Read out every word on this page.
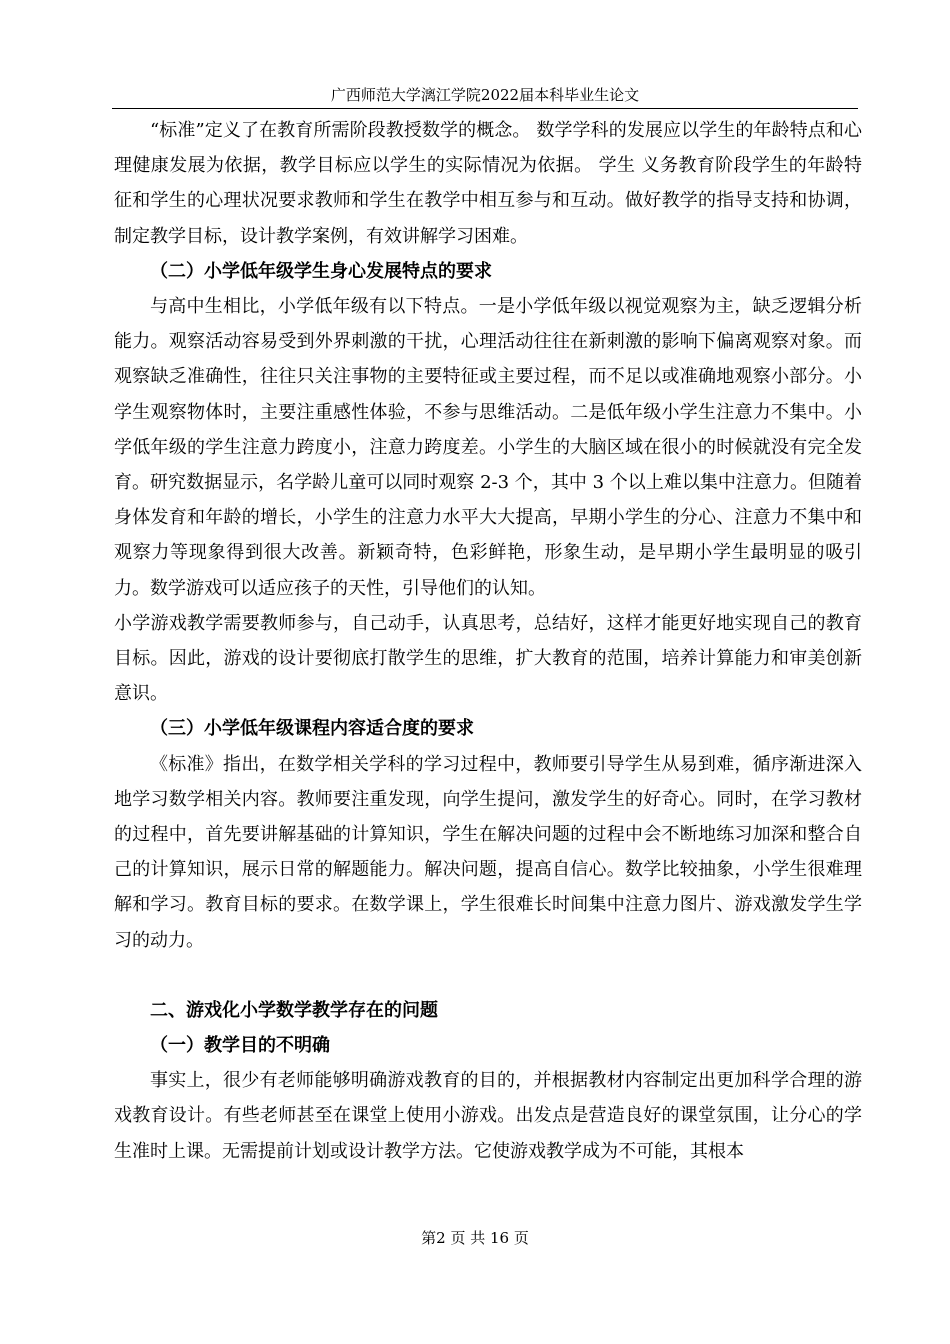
广西师范大学漓江学院2022届本科毕业生论文

“标准”定义了在教育所需阶段教授数学的概念。 数学学科的发展应以学生的年龄特点和心理健康发展为依据，教学目标应以学生的实际情况为依据。 学生 义务教育阶段学生的年龄特征和学生的心理状况要求教师和学生在教学中相互参与和互动。做好教学的指导支持和协调，制定教学目标，设计教学案例，有效讲解学习困难。

（二）小学低年级学生身心发展特点的要求

与高中生相比，小学低年级有以下特点。一是小学低年级以视觉观察为主，缺乏逻辑分析能力。观察活动容易受到外界刺激的干扰，心理活动往往在新刺激的影响下偏离观察对象。而观察缺乏准确性，往往只关注事物的主要特征或主要过程，而不足以或准确地观察小部分。小学生观察物体时，主要注重感性体验，不参与思维活动。二是低年级小学生注意力不集中。小学低年级的学生注意力跨度小，注意力跨度差。小学生的大脑区域在很小的时候就没有完全发育。研究数据显示，名学龄儿童可以同时观察 2-3 个，其中 3 个以上难以集中注意力。但随着身体发育和年龄的增长，小学生的注意力水平大大提高，早期小学生的分心、注意力不集中和观察力等现象得到很大改善。新颖奇特，色彩鲜艳，形象生动，是早期小学生最明显的吸引力。数学游戏可以适应孩子的天性，引导他们的认知。

小学游戏教学需要教师参与，自己动手，认真思考，总结好，这样才能更好地实现自己的教育目标。因此，游戏的设计要彻底打散学生的思维，扩大教育的范围，培养计算能力和审美创新意识。

（三）小学低年级课程内容适合度的要求

《标准》指出，在数学相关学科的学习过程中，教师要引导学生从易到难，循序渐进深入地学习数学相关内容。教师要注重发现，向学生提问，激发学生的好奇心。同时，在学习教材的过程中，首先要讲解基础的计算知识，学生在解决问题的过程中会不断地练习加深和整合自己的计算知识，展示日常的解题能力。解决问题，提高自信心。数学比较抽象，小学生很难理解和学习。教育目标的要求。在数学课上，学生很难长时间集中注意力图片、游戏激发学生学习的动力。

二、游戏化小学数学教学存在的问题

（一）教学目的不明确

事实上，很少有老师能够明确游戏教育的目的，并根据教材内容制定出更加科学合理的游戏教育设计。有些老师甚至在课堂上使用小游戏。出发点是营造良好的课堂氛围，让分心的学生准时上课。无需提前计划或设计教学方法。它使游戏教学成为不可能，其根本

第2 页 共 16 页
